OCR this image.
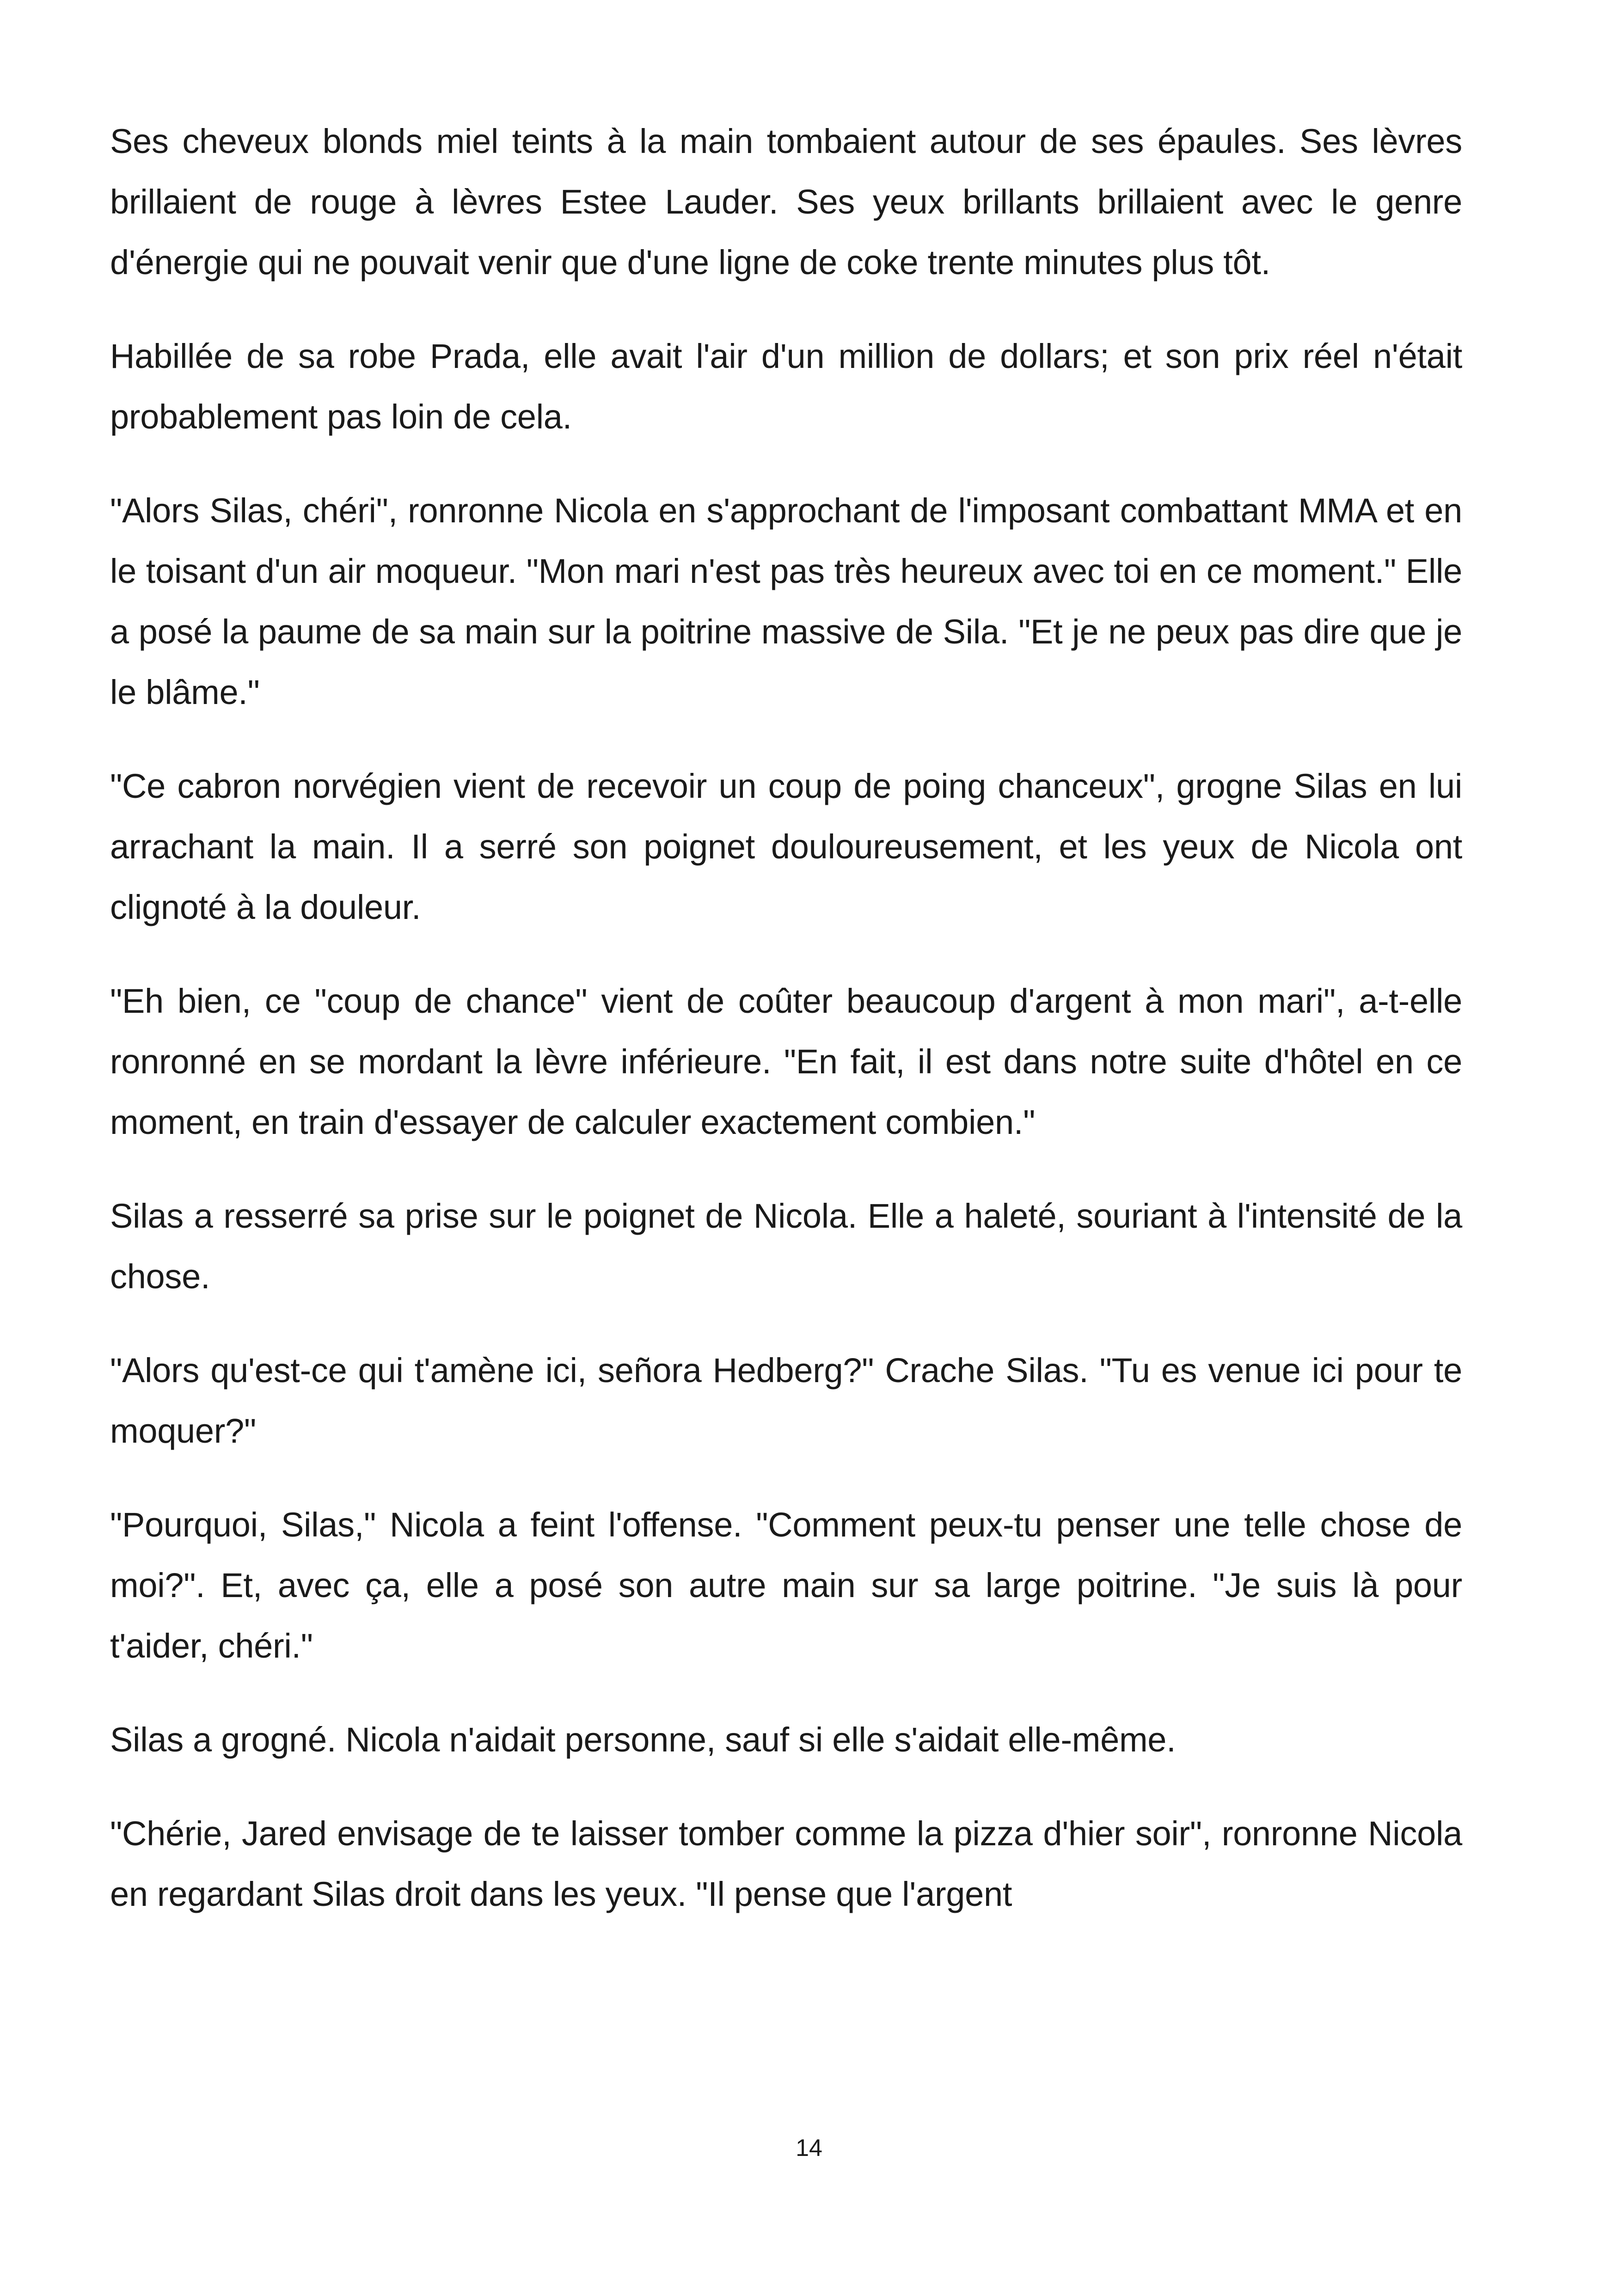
Ses cheveux blonds miel teints à la main tombaient autour de ses épaules. Ses lèvres brillaient de rouge à lèvres Estee Lauder. Ses yeux brillants brillaient avec le genre d'énergie qui ne pouvait venir que d'une ligne de coke trente minutes plus tôt.

Habillée de sa robe Prada, elle avait l'air d'un million de dollars; et son prix réel n'était probablement pas loin de cela.

"Alors Silas, chéri", ronronne Nicola en s'approchant de l'imposant combattant MMA et en le toisant d'un air moqueur. "Mon mari n'est pas très heureux avec toi en ce moment." Elle a posé la paume de sa main sur la poitrine massive de Sila. "Et je ne peux pas dire que je le blâme."

"Ce cabron norvégien vient de recevoir un coup de poing chanceux", grogne Silas en lui arrachant la main. Il a serré son poignet douloureusement, et les yeux de Nicola ont clignoté à la douleur.

"Eh bien, ce "coup de chance" vient de coûter beaucoup d'argent à mon mari", a-t-elle ronronné en se mordant la lèvre inférieure. "En fait, il est dans notre suite d'hôtel en ce moment, en train d'essayer de calculer exactement combien."

Silas a resserré sa prise sur le poignet de Nicola. Elle a haleté, souriant à l'intensité de la chose.

"Alors qu'est-ce qui t'amène ici, señora Hedberg?" Crache Silas. "Tu es venue ici pour te moquer?"

"Pourquoi, Silas," Nicola a feint l'offense. "Comment peux-tu penser une telle chose de moi?". Et, avec ça, elle a posé son autre main sur sa large poitrine. "Je suis là pour t'aider, chéri."

Silas a grogné. Nicola n'aidait personne, sauf si elle s'aidait elle-même.

"Chérie, Jared envisage de te laisser tomber comme la pizza d'hier soir", ronronne Nicola en regardant Silas droit dans les yeux. "Il pense que l'argent

14
